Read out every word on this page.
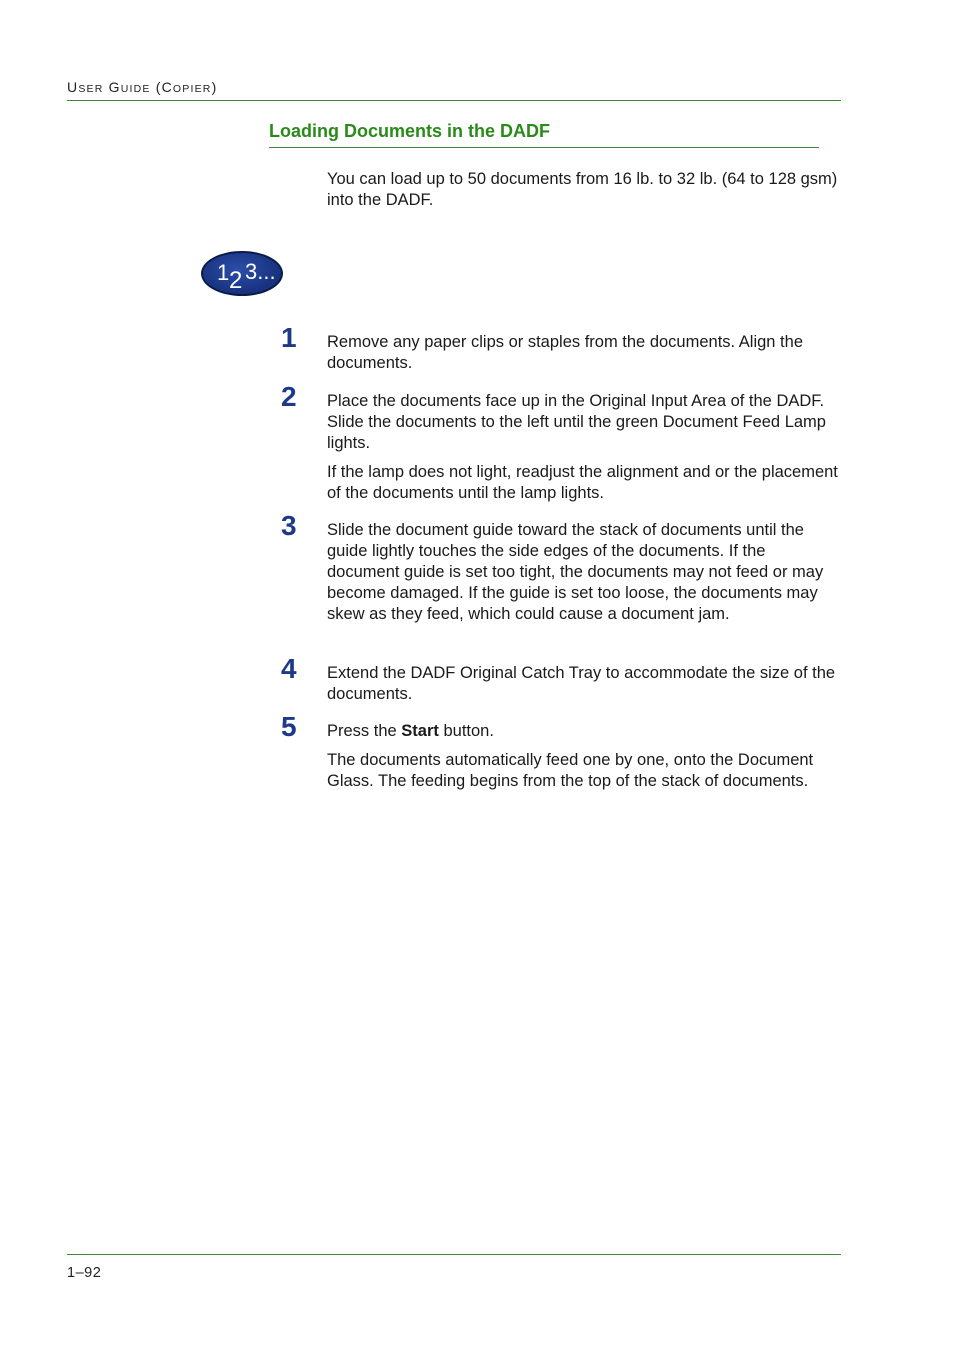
USER GUIDE (COPIER)
Loading Documents in the DADF

You can load up to 50 documents from 16 lb. to 32 lb. (64 to 128 gsm) into the DADF.

1 2 3...
1 Remove any paper clips or staples from the documents. Align the documents.

2 Place the documents face up in the Original Input Area of the DADF. Slide the documents to the left until the green Document Feed Lamp lights.

If the lamp does not light, readjust the alignment and or the placement of the documents until the lamp lights.

3 Slide the document guide toward the stack of documents until the guide lightly touches the side edges of the documents. If the document guide is set too tight, the documents may not feed or may become damaged. If the guide is set too loose, the documents may skew as they feed, which could cause a document jam.

4 Extend the DADF Original Catch Tray to accommodate the size of the documents.

5 Press the Start button.

The documents automatically feed one by one, onto the Document Glass. The feeding begins from the top of the stack of documents.

1–92
